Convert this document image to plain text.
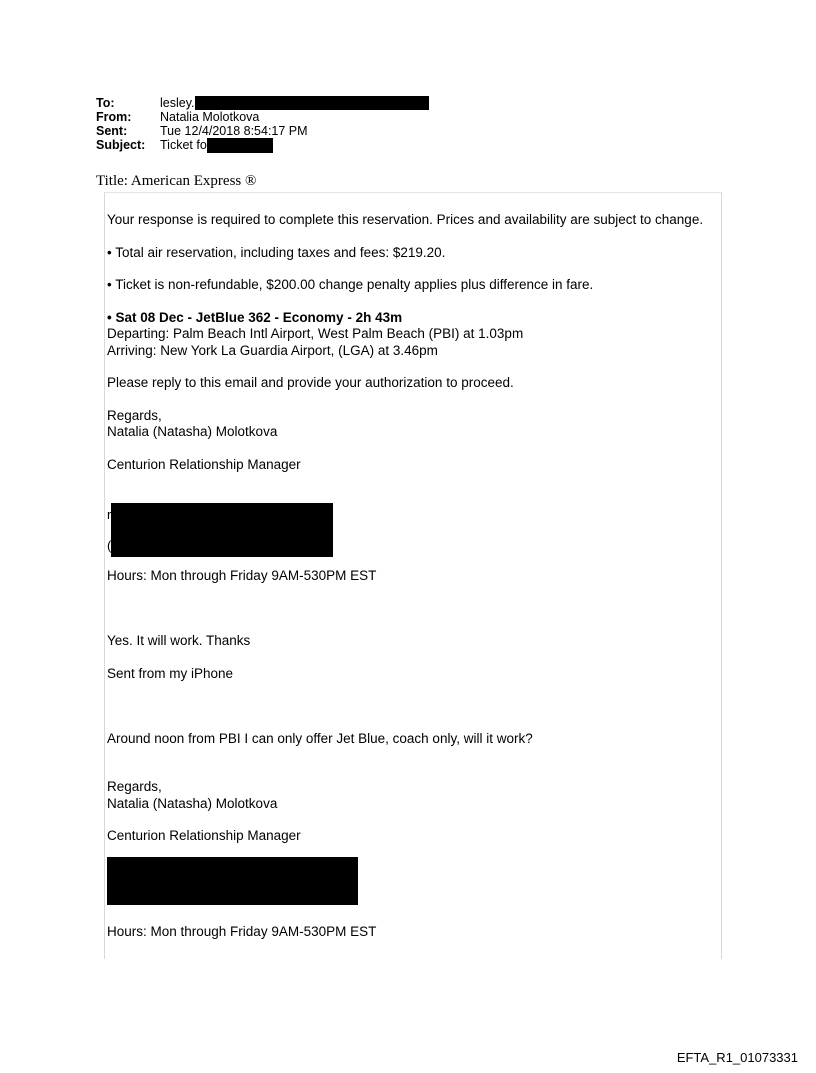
To:	lesley.
From: Natalia Molotkova
Sent:	Tue 12/4/2018 8:54:17 PM
Subject: Ticket fo
Title: American Express ®

Your response is required to complete this reservation. Prices and availability are subject to change.

• Total air reservation, including taxes and fees: $219.20.

• Ticket is non-refundable, $200.00 change penalty applies plus difference in fare.

• Sat 08 Dec - JetBlue 362 - Economy - 2h 43m

Departing: Palm Beach Intl Airport, West Palm Beach (PBI) at 1.03pm

Arriving: New York La Guardia Airport, (LGA) at 3.46pm

Please reply to this email and provide your authorization to proceed.

Regards,

Natalia (Natasha) Molotkova

Centurion Relationship Manager

r
(

Hours: Mon through Friday 9AM-530PM EST

Yes. It will work. Thanks

Sent from my iPhone

Around noon from PBI I can only offer Jet Blue, coach only, will it work?

Regards,

Natalia (Natasha) Molotkova

Centurion Relationship Manager

Hours: Mon through Friday 9AM-530PM EST

EFTA_R1_01073331
